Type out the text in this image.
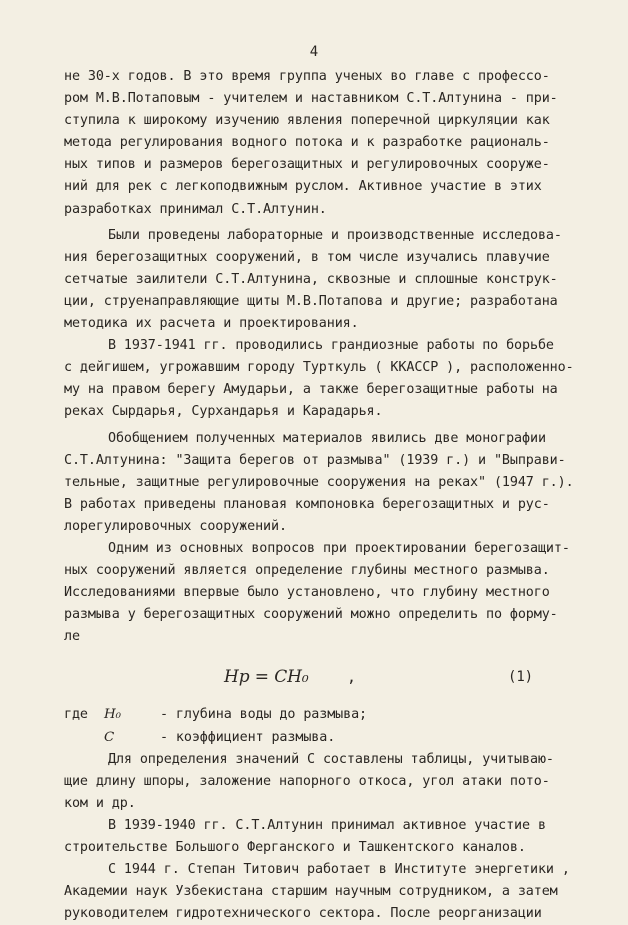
4
не 30-х годов. В это время группа ученых во главе с профессо-
ром М.В.Потаповым - учителем и наставником С.Т.Алтунина - при-
ступила к широкому изучению явления поперечной циркуляции как
метода регулирования водного потока и к разработке рациональ-
ных типов и размеров берегозащитных и регулировочных сооруже-
ний для рек с легкоподвижным руслом. Активное участие в этих
разработках принимал С.Т.Алтунин.
Были проведены лабораторные и производственные исследова-
ния берегозащитных сооружений, в том числе изучались плавучие
сетчатые заилители С.Т.Алтунина, сквозные и сплошные конструк-
ции, струенаправляющие щиты М.В.Потапова и другие; разработана
методика их расчета и проектирования.
В 1937-1941 гг. проводились грандиозные работы по борьбе
с дейгишем, угрожавшим городу Турткуль ( ККАССР ), расположенно-
му на правом берегу Амударьи, а также берегозащитные работы на
реках Сырдарья, Сурхандарья и Карадарья.
Обобщением полученных материалов явились две монографии
С.Т.Алтунина: "Защита берегов от размыва" (1939 г.) и "Выправи-
тельные, защитные регулировочные сооружения на реках" (1947 г.).
В работах приведены плановая компоновка берегозащитных и рус-
лорегулировочных сооружений.
Одним из основных вопросов при проектировании берегозащит-
ных сооружений является определение глубины местного размыва.
Исследованиями впервые было установлено, что глубину местного
размыва у берегозащитных сооружений можно определить по форму-
ле
Hр = CH₀	,	(1)
где H₀	- глубина воды до размыва;
C	- коэффициент размыва.
Для определения значений С составлены таблицы, учитываю-
щие длину шпоры, заложение напорного откоса, угол атаки пото-
ком и др.
В 1939-1940 гг. С.Т.Алтунин принимал активное участие в
строительстве Большого Ферганского и Ташкентского каналов.
С 1944 г. Степан Титович работает в Институте энергетики ,
Академии наук Узбекистана старшим научным сотрудником, а затем
руководителем гидротехнического сектора. После реорганизации
